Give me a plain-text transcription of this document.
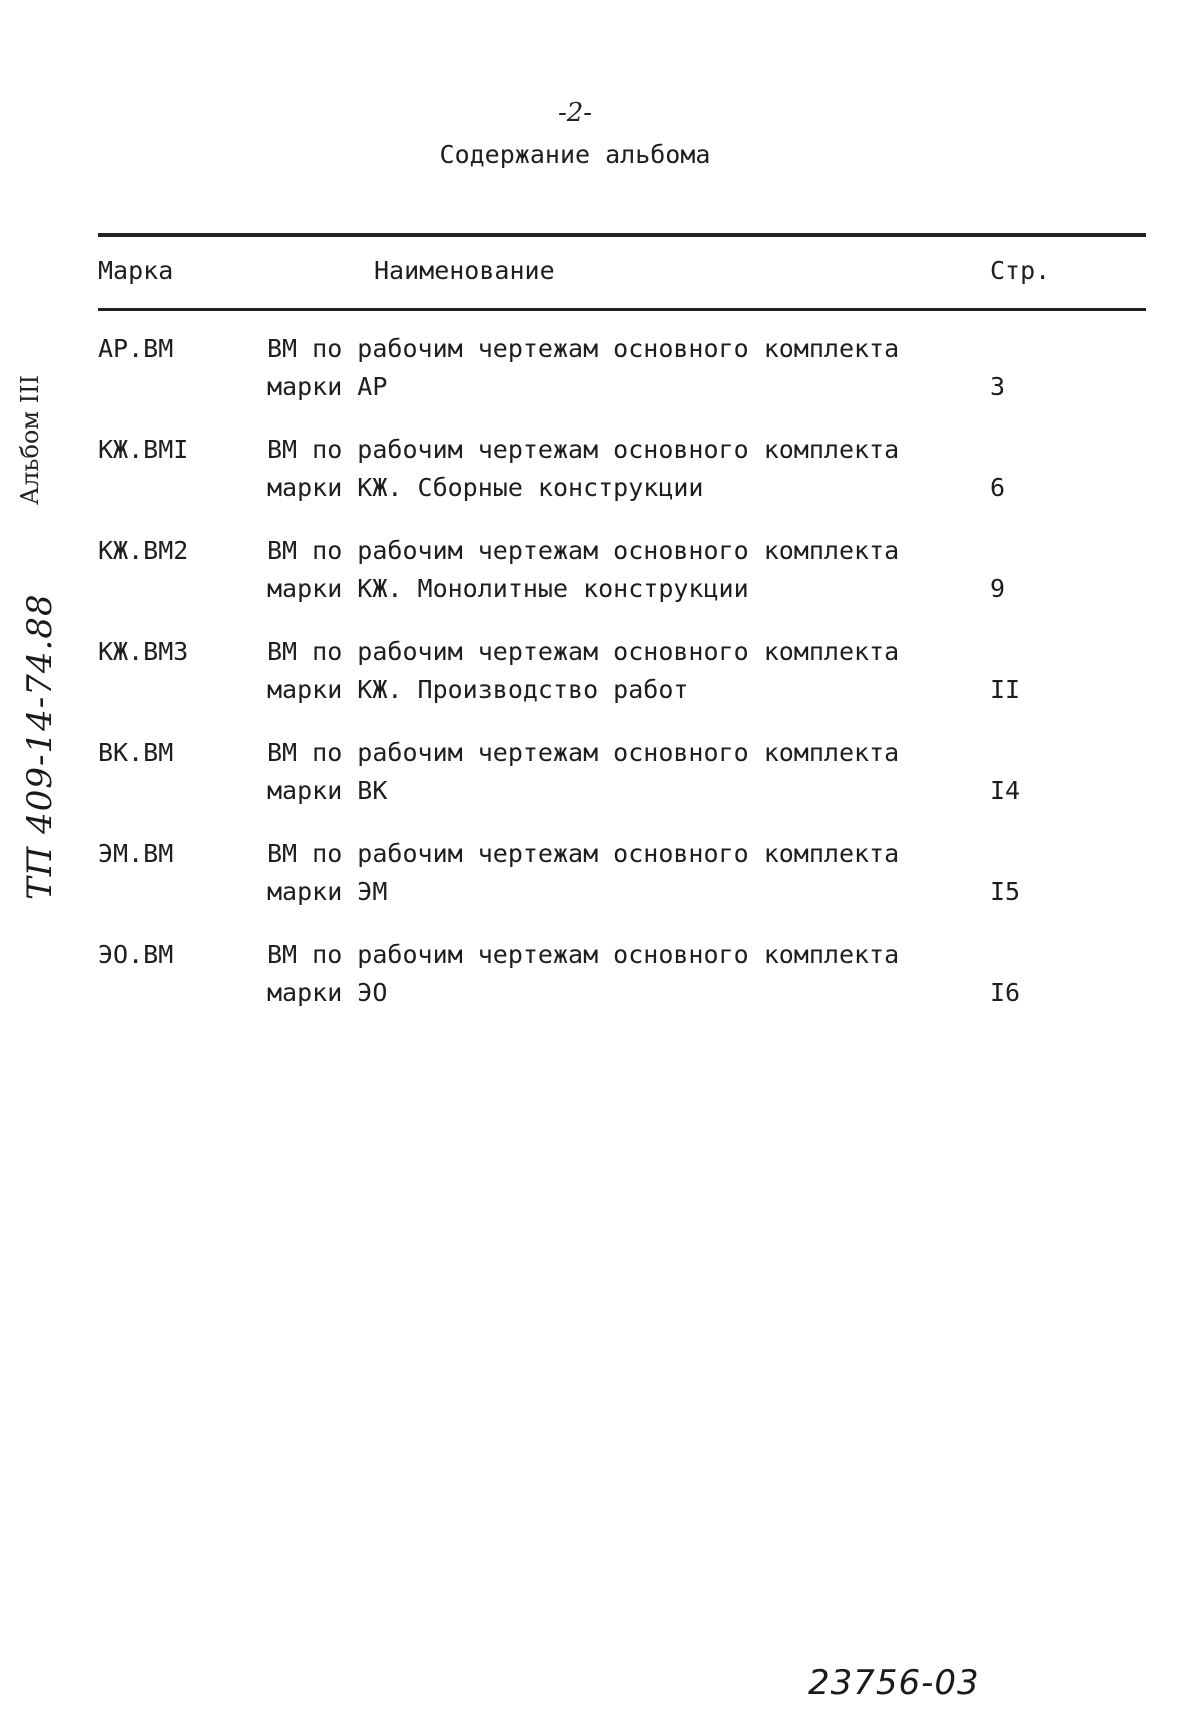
-2-
Содержание альбома
Марка	Наименование	Стр.
АР.ВМ	ВМ по рабочим чертежам основного комплекта
марки АР	3
КЖ.ВМI	ВМ по рабочим чертежам основного комплекта
марки КЖ. Сборные конструкции	6
КЖ.ВМ2	ВМ по рабочим чертежам основного комплекта
марки КЖ. Монолитные конструкции	9
КЖ.ВМ3	ВМ по рабочим чертежам основного комплекта
марки КЖ. Производство работ	II
ВК.ВМ	ВМ по рабочим чертежам основного комплекта
марки ВК	I4
ЭМ.ВМ	ВМ по рабочим чертежам основного комплекта
марки ЭМ	I5
ЭО.ВМ	ВМ по рабочим чертежам основного комплекта
марки ЭО	I6
Альбом III
ТП 409-14-74.88
23756-03
